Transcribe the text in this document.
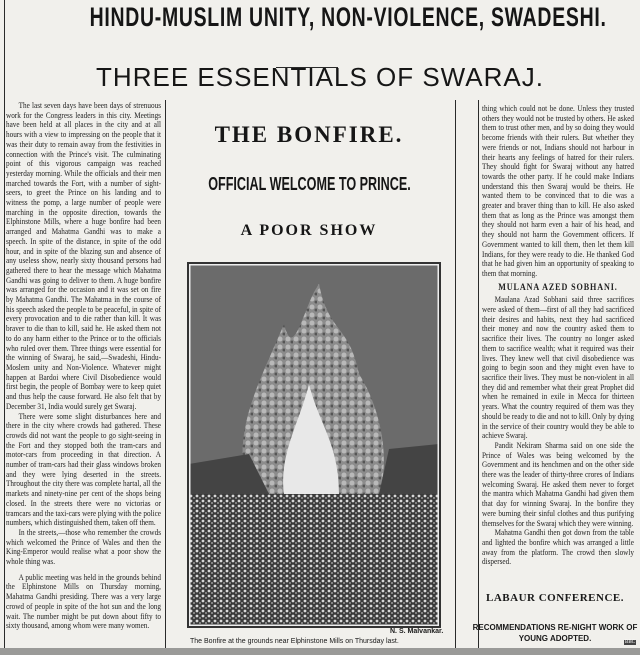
HINDU-MUSLIM UNITY, NON-VIOLENCE, SWADESHI.
THREE ESSENTIALS OF SWARAJ.

The last seven days have been days of strenuous work for the Congress leaders in this city. Meetings have been held at all places in the city and at all hours with a view to impressing on the people that it was their duty to remain away from the festivities in connection with the Prince's visit. The culminating point of this vigorous campaign was reached yesterday morning. While the officials and their men marched towards the Fort, with a number of sight-seers, to greet the Prince on his landing and to witness the pomp, a large number of people were marching in the opposite direction, towards the Elphinstone Mills, where a huge bonfire had been arranged and Mahatma Gandhi was to make a speech. In spite of the distance, in spite of the odd hour, and in spite of the blazing sun and absence of any useless show, nearly sixty thousand persons had gathered there to hear the message which Mahatma Gandhi was going to deliver to them. A huge bonfire was arranged for the occasion and it was set on fire by Mahatma Gandhi. The Mahatma in the course of his speech asked the people to be peaceful, in spite of every provocation and to die rather than kill. It was braver to die than to kill, said he. He asked them not to do any harm either to the Prince or to the officials who ruled over them. Three things were essential for the winning of Swaraj, he said,—Swadeshi, Hindu-Moslem unity and Non-Violence. Whatever might happen at Bardoi where Civil Disobedience would first begin, the people of Bombay were to keep quiet and thus help the cause forward. He also felt that by December 31, India would surely get Swaraj.

There were some slight disturbances here and there in the city where crowds had gathered. These crowds did not want the people to go sight-seeing in the Fort and they stopped both the tram-cars and motor-cars from proceeding in that direction. A number of tram-cars had their glass windows broken and they were lying deserted in the streets. Throughout the city there was complete hartal, all the markets and ninety-nine per cent of the shops being closed. In the streets there were no victorias or tramcars and the taxi-cars were plying with the police numbers, which distinguished them, taken off them.

In the streets,—those who remember the crowds which welcomed the Prince of Wales and then the King-Emperor would realise what a poor show the whole thing was.

A public meeting was held in the grounds behind the Elphinstone Mills on Thursday morning, Mahatma Gandhi presiding. There was a very large crowd of people in spite of the hot sun and the long wait. The number might be put down about fifty to sixty thousand, among whom were many women.

THE BONFIRE.
OFFICIAL WELCOME TO PRINCE.
A POOR SHOW
N. S. Malvankar.
The Bonfire at the grounds near Elphinstone Mills on Thursday last.

thing which could not be done. Unless they trusted others they would not be trusted by others. He asked them to trust other men, and by so doing they would become friends with their rulers. But whether they were friends or not, Indians should not harbour in their hearts any feelings of hatred for their rulers. They should fight for Swaraj without any hatred towards the other party. If he could make Indians understand this then Swaraj would be theirs. He wanted them to be convinced that to die was a greater and braver thing than to kill. He also asked them that as long as the Prince was amongst them they should not harm even a hair of his head, and they should not harm the Government officers. If Government wanted to kill them, then let them kill Indians, for they were ready to die. He thanked God that he had given him an opportunity of speaking to them that morning.

MULANA AZED SOBHANI.

Maulana Azad Sobhani said three sacrifices were asked of them—first of all they had sacrificed their desires and habits, next they had sacrificed their money and now the country asked them to sacrifice their lives. The country no longer asked them to sacrifice wealth; what it required was their lives. They knew well that civil disobedience was going to begin soon and they might even have to sacrifice their lives. They must be non-violent in all they did and remember what their great Prophet did when he remained in exile in Mecca for thirteen years. What the country required of them was they should be ready to die and not to kill. Only by dying in the service of their country would they be able to achieve Swaraj.

Pandit Nekiram Sharma said on one side the Prince of Wales was being welcomed by the Government and its henchmen and on the other side there was the leader of thirty-three crores of Indians welcoming Swaraj. He asked them never to forget the mantra which Mahatma Gandhi had given them that day for winning Swaraj. In the bonfire they were burning their sinful clothes and thus purifying themselves for the Swaraj which they were winning.

Mahatma Gandhi then got down from the table and lighted the bonfire which was arranged a little away from the platform. The crowd then slowly dispersed.

LABAUR CONFERENCE.
RECOMMENDATIONS RE-NIGHT WORK OF YOUNG ADOPTED.	BBC
